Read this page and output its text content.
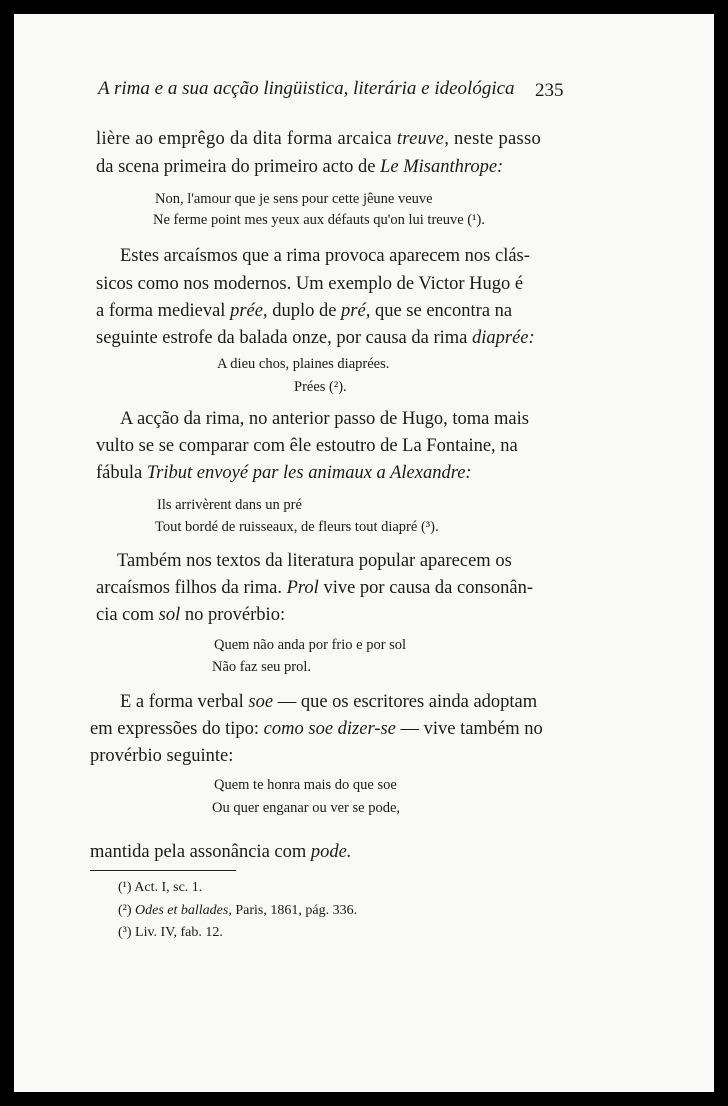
A rima e a sua acção lingüistica, literária e ideológica 235
lière ao emprêgo da dita forma arcaica treuve, neste passo
da scena primeira do primeiro acto de Le Misanthrope:
Non, l'amour que je sens pour cette jêune veuve
Ne ferme point mes yeux aux défauts qu'on lui treuve (¹).
Estes arcaísmos que a rima provoca aparecem nos clás-
sicos como nos modernos. Um exemplo de Victor Hugo é
a forma medieval prée, duplo de pré, que se encontra na
seguinte estrofe da balada onze, por causa da rima diaprée:
A dieu chos, plaines diaprées.
Prées (²).
A acção da rima, no anterior passo de Hugo, toma mais
vulto se se comparar com êle estoutro de La Fontaine, na
fábula Tribut envoyé par les animaux a Alexandre:
Ils arrivèrent dans un pré
Tout bordé de ruisseaux, de fleurs tout diapré (³).
Também nos textos da literatura popular aparecem os
arcaísmos filhos da rima. Prol vive por causa da consonân-
cia com sol no provérbio:
Quem não anda por frio e por sol
Não faz seu prol.
E a forma verbal soe — que os escritores ainda adoptam
em expressões do tipo: como soe dizer-se — vive também no
provérbio seguinte:
Quem te honra mais do que soe
Ou quer enganar ou ver se pode,
mantida pela assonância com pode.
(¹) Act. I, sc. 1.
(²) Odes et ballades, Paris, 1861, pág. 336.
(³) Liv. IV, fab. 12.
